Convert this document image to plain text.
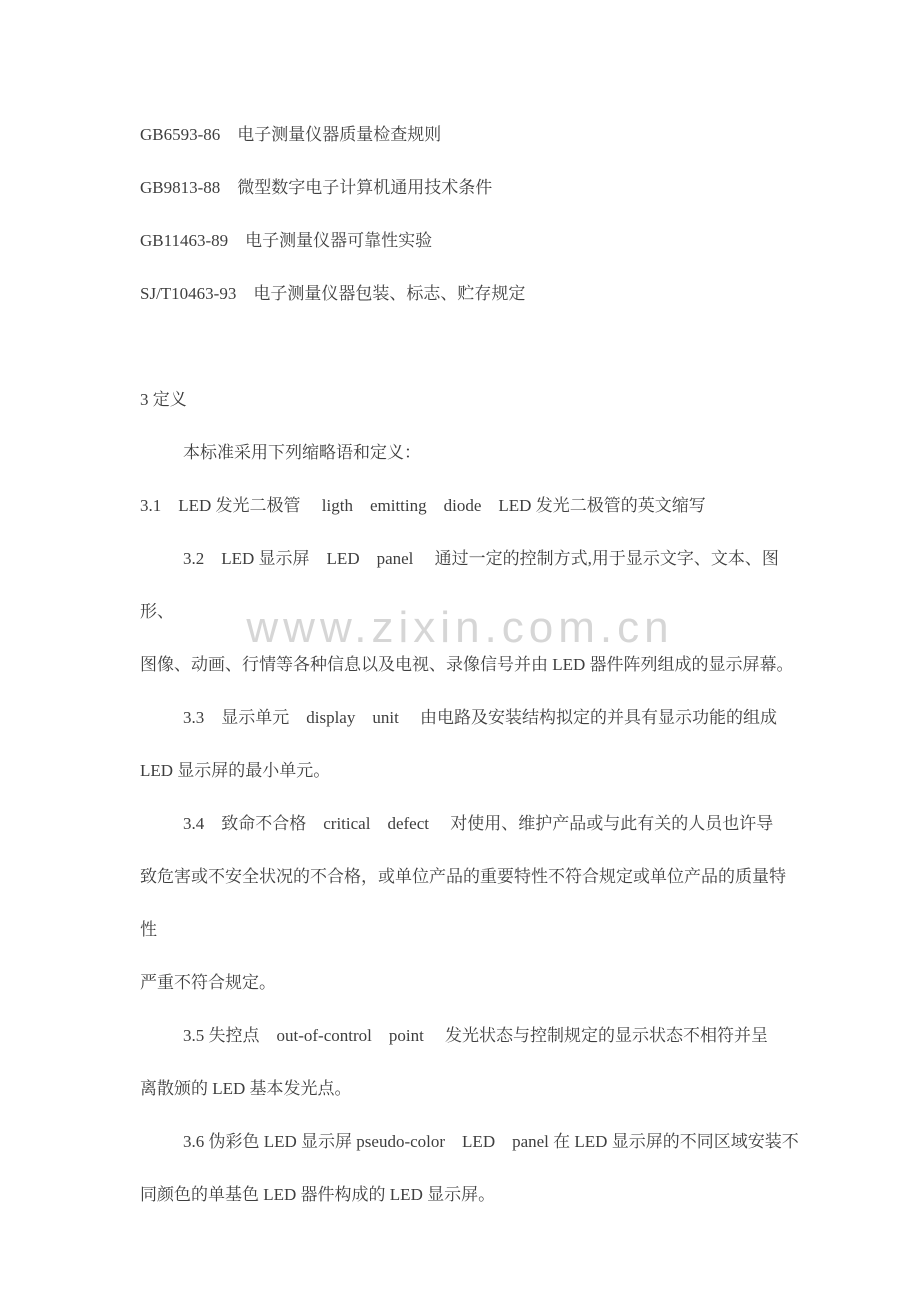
www.zixin.com.cn

GB6593-86　电子测量仪器质量检查规则

GB9813-88　微型数字电子计算机通用技术条件

GB11463-89　电子测量仪器可靠性实验

SJ/T10463-93　电子测量仪器包装、标志、贮存规定

3 定义

本标准采用下列缩略语和定义：

3.1　LED 发光二极管　 ligth　emitting　diode　LED 发光二极管的英文缩写

3.2　LED 显示屏　LED　panel　 通过一定的控制方式,用于显示文字、文本、图形、

图像、动画、行情等各种信息以及电视、录像信号并由 LED 器件阵列组成的显示屏幕。

3.3　显示单元　display　unit　 由电路及安装结构拟定的并具有显示功能的组成

LED 显示屏的最小单元。

3.4　致命不合格　critical　defect　 对使用、维护产品或与此有关的人员也许导

致危害或不安全状况的不合格，或单位产品的重要特性不符合规定或单位产品的质量特性

严重不符合规定。

3.5 失控点　out-of-control　point　 发光状态与控制规定的显示状态不相符并呈

离散颁的 LED 基本发光点。

3.6 伪彩色 LED 显示屏 pseudo-color　LED　panel 在 LED 显示屏的不同区域安装不

同颜色的单基色 LED 器件构成的 LED 显示屏。
